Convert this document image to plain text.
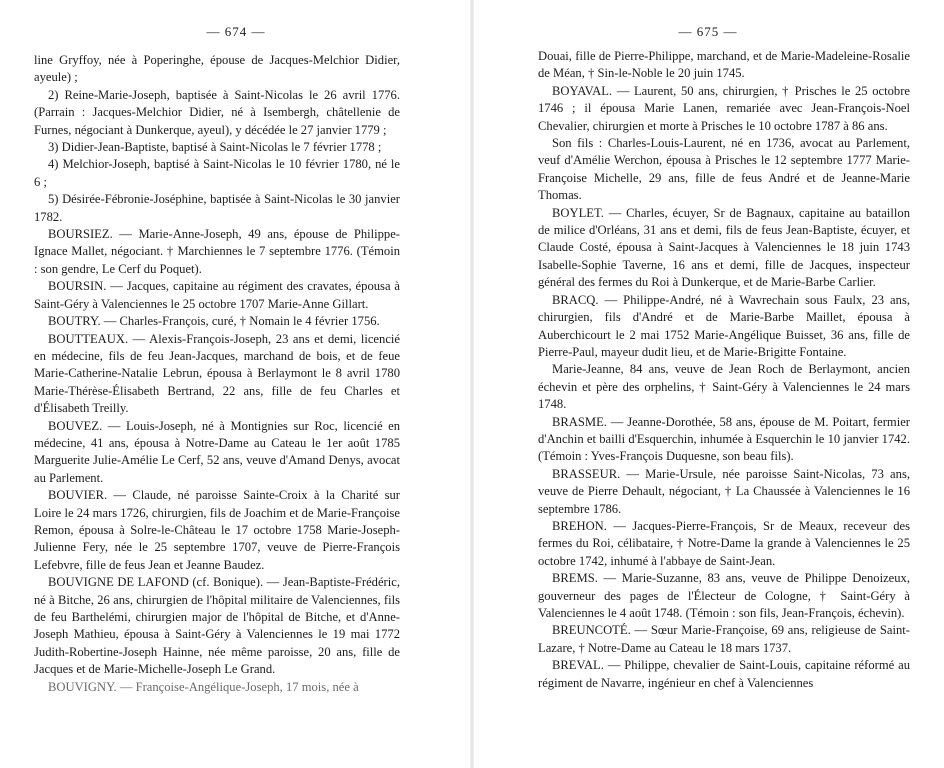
— 674 —

line Gryffoy, née à Poperinghe, épouse de Jacques-Melchior Didier, ayeule) ;

2) Reine-Marie-Joseph, baptisée à Saint-Nicolas le 26 avril 1776. (Parrain : Jacques-Melchior Didier, né à Isembergh, châtellenie de Furnes, négociant à Dunkerque, ayeul), y décédée le 27 janvier 1779 ;

3) Didier-Jean-Baptiste, baptisé à Saint-Nicolas le 7 février 1778 ;

4) Melchior-Joseph, baptisé à Saint-Nicolas le 10 février 1780, né le 6 ;

5) Désirée-Fébronie-Joséphine, baptisée à Saint-Nicolas le 30 janvier 1782.

BOURSIEZ. — Marie-Anne-Joseph, 49 ans, épouse de Philippe-Ignace Mallet, négociant. † Marchiennes le 7 septembre 1776. (Témoin : son gendre, Le Cerf du Poquet).

BOURSIN. — Jacques, capitaine au régiment des cravates, épousa à Saint-Géry à Valenciennes le 25 octobre 1707 Marie-Anne Gillart.

BOUTRY. — Charles-François, curé, † Nomain le 4 février 1756.

BOUTTEAUX. — Alexis-François-Joseph, 23 ans et demi, licencié en médecine, fils de feu Jean-Jacques, marchand de bois, et de feue Marie-Catherine-Natalie Lebrun, épousa à Berlaymont le 8 avril 1780 Marie-Thérèse-Élisabeth Bertrand, 22 ans, fille de feu Charles et d'Élisabeth Treilly.

BOUVEZ. — Louis-Joseph, né à Montignies sur Roc, licencié en médecine, 41 ans, épousa à Notre-Dame au Cateau le 1er août 1785 Marguerite Julie-Amélie Le Cerf, 52 ans, veuve d'Amand Denys, avocat au Parlement.

BOUVIER. — Claude, né paroisse Sainte-Croix à la Charité sur Loire le 24 mars 1726, chirurgien, fils de Joachim et de Marie-Françoise Remon, épousa à Solre-le-Château le 17 octobre 1758 Marie-Joseph-Julienne Fery, née le 25 septembre 1707, veuve de Pierre-François Lefebvre, fille de feus Jean et Jeanne Baudez.

BOUVIGNE DE LAFOND (cf. Bonique). — Jean-Baptiste-Frédéric, né à Bitche, 26 ans, chirurgien de l'hôpital militaire de Valenciennes, fils de feu Barthelémi, chirurgien major de l'hôpital de Bitche, et d'Anne-Joseph Mathieu, épousa à Saint-Géry à Valenciennes le 19 mai 1772 Judith-Robertine-Joseph Hainne, née même paroisse, 20 ans, fille de Jacques et de Marie-Michelle-Joseph Le Grand.

BOUVIGNY. — Françoise-Angélique-Joseph, 17 mois, née à

— 675 —

Douai, fille de Pierre-Philippe, marchand, et de Marie-Madeleine-Rosalie de Méan, † Sin-le-Noble le 20 juin 1745.

BOYAVAL. — Laurent, 50 ans, chirurgien, † Prisches le 25 octobre 1746 ; il épousa Marie Lanen, remariée avec Jean-François-Noel Chevalier, chirurgien et morte à Prisches le 10 octobre 1787 à 86 ans.

Son fils : Charles-Louis-Laurent, né en 1736, avocat au Parlement, veuf d'Amélie Werchon, épousa à Prisches le 12 septembre 1777 Marie-Françoise Michelle, 29 ans, fille de feus André et de Jeanne-Marie Thomas.

BOYLET. — Charles, écuyer, Sr de Bagnaux, capitaine au bataillon de milice d'Orléans, 31 ans et demi, fils de feus Jean-Baptiste, écuyer, et Claude Costé, épousa à Saint-Jacques à Valenciennes le 18 juin 1743 Isabelle-Sophie Taverne, 16 ans et demi, fille de Jacques, inspecteur général des fermes du Roi à Dunkerque, et de Marie-Barbe Carlier.

BRACQ. — Philippe-André, né à Wavrechain sous Faulx, 23 ans, chirurgien, fils d'André et de Marie-Barbe Maillet, épousa à Auberchicourt le 2 mai 1752 Marie-Angélique Buisset, 36 ans, fille de Pierre-Paul, mayeur dudit lieu, et de Marie-Brigitte Fontaine.

Marie-Jeanne, 84 ans, veuve de Jean Roch de Berlaymont, ancien échevin et père des orphelins, † Saint-Géry à Valenciennes le 24 mars 1748.

BRASME. — Jeanne-Dorothée, 58 ans, épouse de M. Poitart, fermier d'Anchin et bailli d'Esquerchin, inhumée à Esquerchin le 10 janvier 1742. (Témoin : Yves-François Duquesne, son beau fils).

BRASSEUR. — Marie-Ursule, née paroisse Saint-Nicolas, 73 ans, veuve de Pierre Dehault, négociant, † La Chaussée à Valenciennes le 16 septembre 1786.

BREHON. — Jacques-Pierre-François, Sr de Meaux, receveur des fermes du Roi, célibataire, † Notre-Dame la grande à Valenciennes le 25 octobre 1742, inhumé à l'abbaye de Saint-Jean.

BREMS. — Marie-Suzanne, 83 ans, veuve de Philippe Denoizeux, gouverneur des pages de l'Électeur de Cologne, † Saint-Géry à Valenciennes le 4 août 1748. (Témoin : son fils, Jean-François, échevin).

BREUNCOTÉ. — Sœur Marie-Françoise, 69 ans, religieuse de Saint-Lazare, † Notre-Dame au Cateau le 18 mars 1737.

BREVAL. — Philippe, chevalier de Saint-Louis, capitaine réformé au régiment de Navarre, ingénieur en chef à Valenciennes
